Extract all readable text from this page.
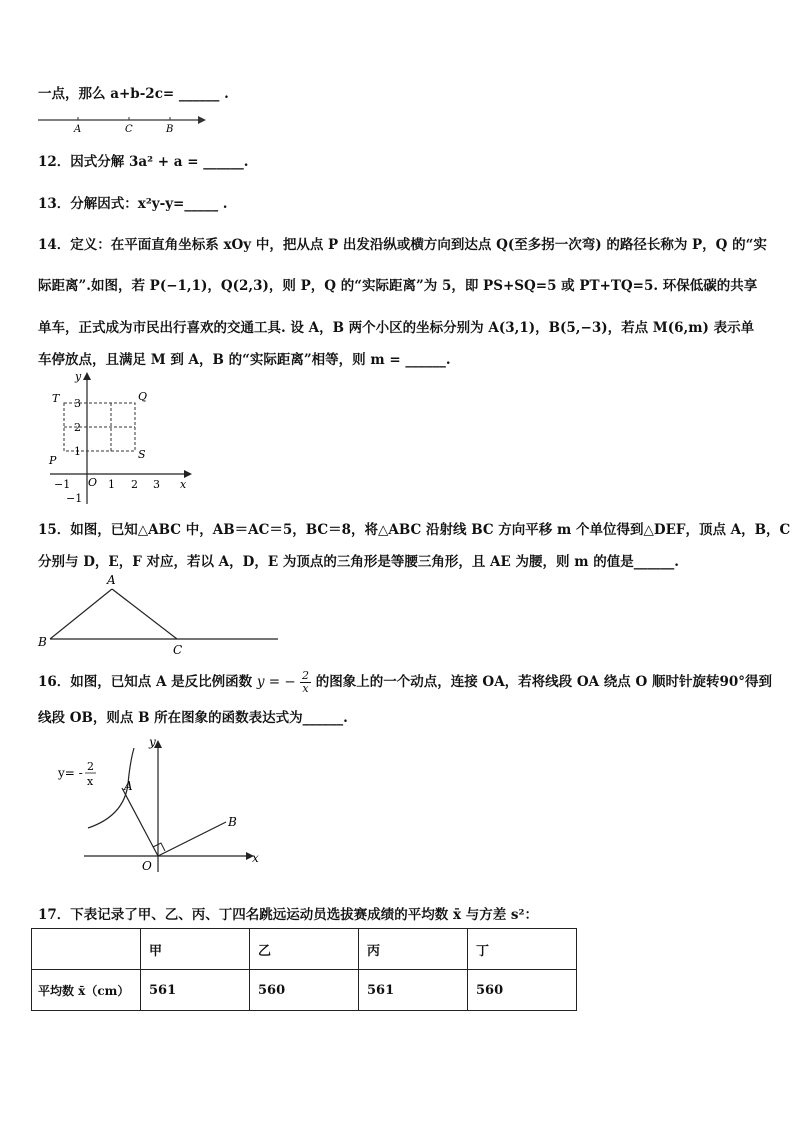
一点，那么 a+b-2c= ______ .
A	C	B
12．因式分解 3a² + a = ______.
13．分解因式：x²y-y=_____ .
14．定义：在平面直角坐标系 xOy 中，把从点 P 出发沿纵或横方向到达点 Q(至多拐一次弯) 的路径长称为 P，Q 的“实
际距离”.如图，若 P(−1,1)，Q(2,3)，则 P，Q 的“实际距离”为 5，即 PS+SQ=5 或 PT+TQ=5. 环保低碳的共享
单车，正式成为市民出行喜欢的交通工具. 设 A，B 两个小区的坐标分别为 A(3,1)，B(5,−3)，若点 M(6,m) 表示单
车停放点，且满足 M 到 A，B 的“实际距离”相等，则 m = ______.
y
x
O
−1	1 2 3
3
2
1
−1
T	Q
P	S
15．如图，已知△ABC 中，AB＝AC＝5，BC＝8，将△ABC 沿射线 BC 方向平移 m 个单位得到△DEF，顶点 A，B，C
分别与 D，E，F 对应，若以 A，D，E 为顶点的三角形是等腰三角形，且 AE 为腰，则 m 的值是______.
A
B
C
16．如图，已知点 A 是反比例函数 y = − $\frac{2}{x}$ 的图象上的一个动点，连接 OA，若将线段 OA 绕点 O 顺时针旋转90°得到
线段 OB，则点 B 所在图象的函数表达式为______.
y= - 2
x	A
B
O
x
y
17．下表记录了甲、乙、丙、丁四名跳远运动员选拔赛成绩的平均数 x̄ 与方差 s²：
	甲	乙	丙	丁
平均数 x̄（cm）	561	560	561	560
